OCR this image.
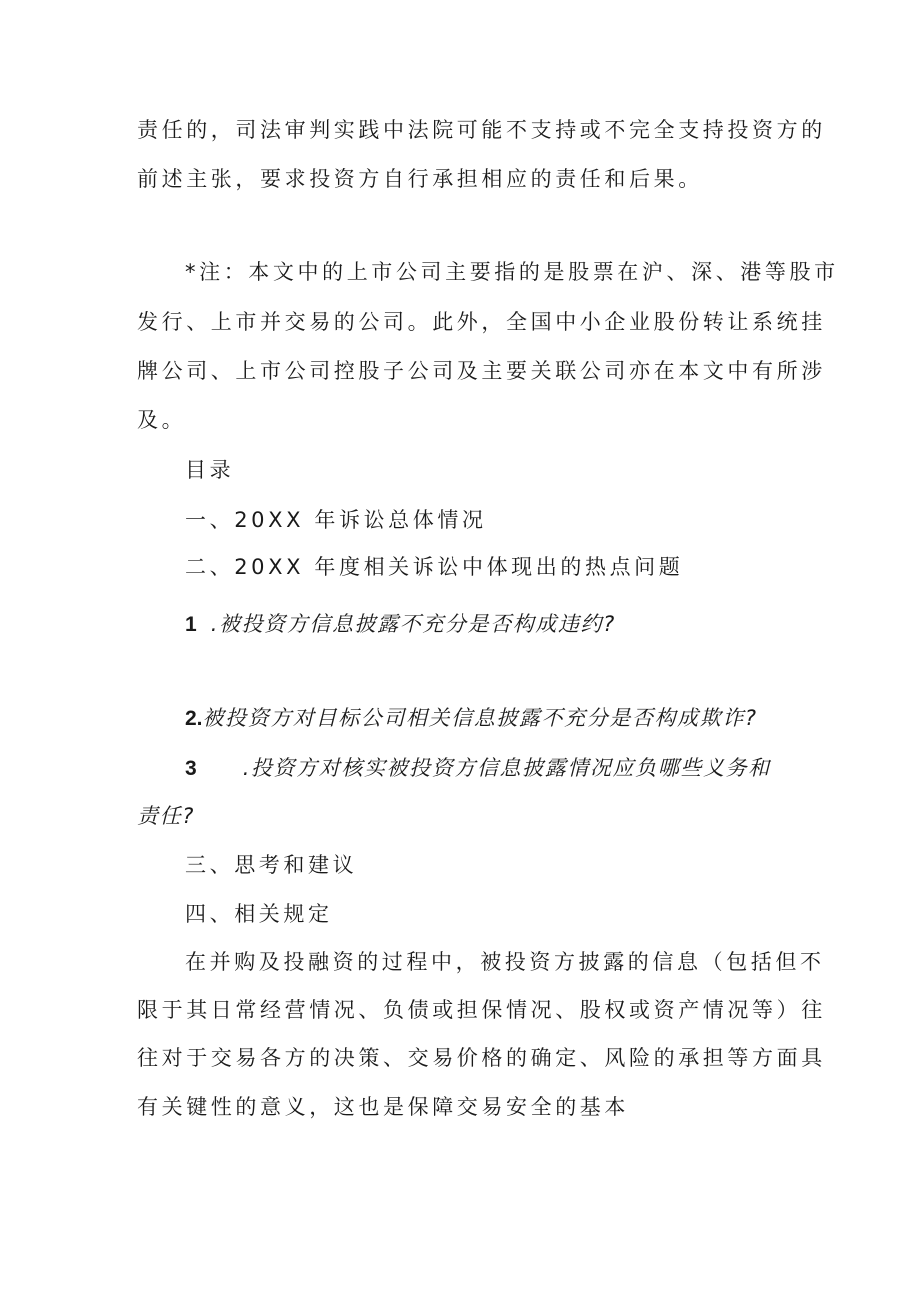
责任的，司法审判实践中法院可能不支持或不完全支持投资方的
前述主张，要求投资方自行承担相应的责任和后果。
*注：本文中的上市公司主要指的是股票在沪、深、港等股市
发行、上市并交易的公司。此外，全国中小企业股份转让系统挂
牌公司、上市公司控股子公司及主要关联公司亦在本文中有所涉
及。
目录
一、20XX 年诉讼总体情况
二、20XX 年度相关诉讼中体现出的热点问题
1 .被投资方信息披露不充分是否构成违约?
2.被投资方对目标公司相关信息披露不充分是否构成欺诈?
3 .投资方对核实被投资方信息披露情况应负哪些义务和
责任?
三、思考和建议
四、相关规定
在并购及投融资的过程中，被投资方披露的信息（包括但不
限于其日常经营情况、负债或担保情况、股权或资产情况等）往
往对于交易各方的决策、交易价格的确定、风险的承担等方面具
有关键性的意义，这也是保障交易安全的基本
